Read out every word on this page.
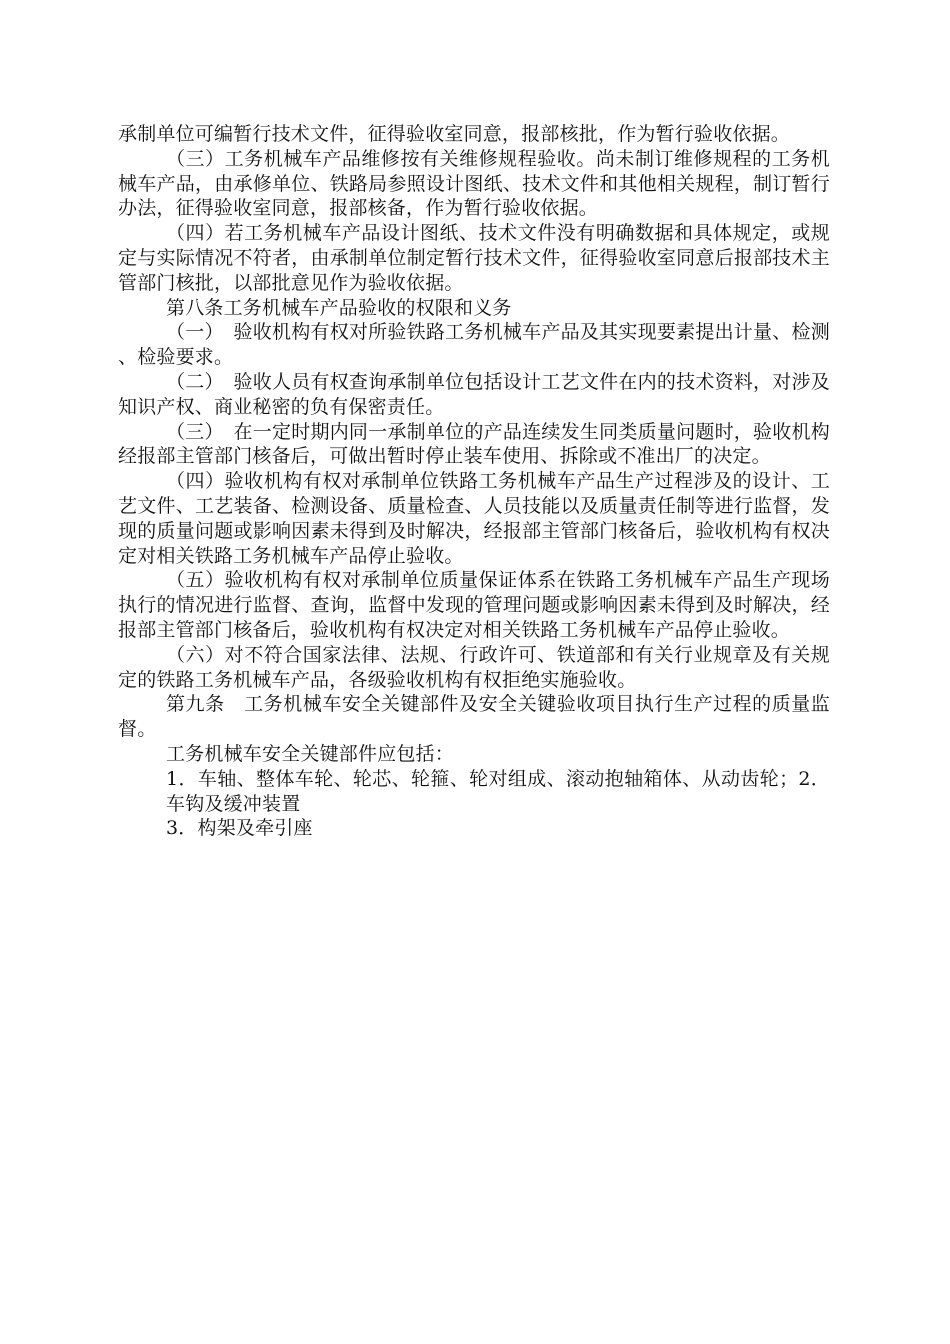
承制单位可编暂行技术文件，征得验收室同意，报部核批，作为暂行验收依据。

（三）工务机械车产品维修按有关维修规程验收。尚未制订维修规程的工务机械车产品，由承修单位、铁路局参照设计图纸、技术文件和其他相关规程，制订暂行办法，征得验收室同意，报部核备，作为暂行验收依据。

（四）若工务机械车产品设计图纸、技术文件没有明确数据和具体规定，或规定与实际情况不符者，由承制单位制定暂行技术文件，征得验收室同意后报部技术主管部门核批，以部批意见作为验收依据。

第八条工务机械车产品验收的权限和义务

（一）　验收机构有权对所验铁路工务机械车产品及其实现要素提出计量、检测、检验要求。

（二）　验收人员有权查询承制单位包括设计工艺文件在内的技术资料，对涉及知识产权、商业秘密的负有保密责任。

（三）　在一定时期内同一承制单位的产品连续发生同类质量问题时，验收机构经报部主管部门核备后，可做出暂时停止装车使用、拆除或不准出厂的决定。

（四）验收机构有权对承制单位铁路工务机械车产品生产过程涉及的设计、工艺文件、工艺装备、检测设备、质量检查、人员技能以及质量责任制等进行监督，发现的质量问题或影响因素未得到及时解决，经报部主管部门核备后，验收机构有权决定对相关铁路工务机械车产品停止验收。

（五）验收机构有权对承制单位质量保证体系在铁路工务机械车产品生产现场执行的情况进行监督、查询，监督中发现的管理问题或影响因素未得到及时解决，经报部主管部门核备后，验收机构有权决定对相关铁路工务机械车产品停止验收。

（六）对不符合国家法律、法规、行政许可、铁道部和有关行业规章及有关规定的铁路工务机械车产品，各级验收机构有权拒绝实施验收。

第九条　工务机械车安全关键部件及安全关键验收项目执行生产过程的质量监督。

工务机械车安全关键部件应包括：

1．车轴、整体车轮、轮芯、轮箍、轮对组成、滚动抱轴箱体、从动齿轮；2．车钩及缓冲装置

3．构架及牵引座
